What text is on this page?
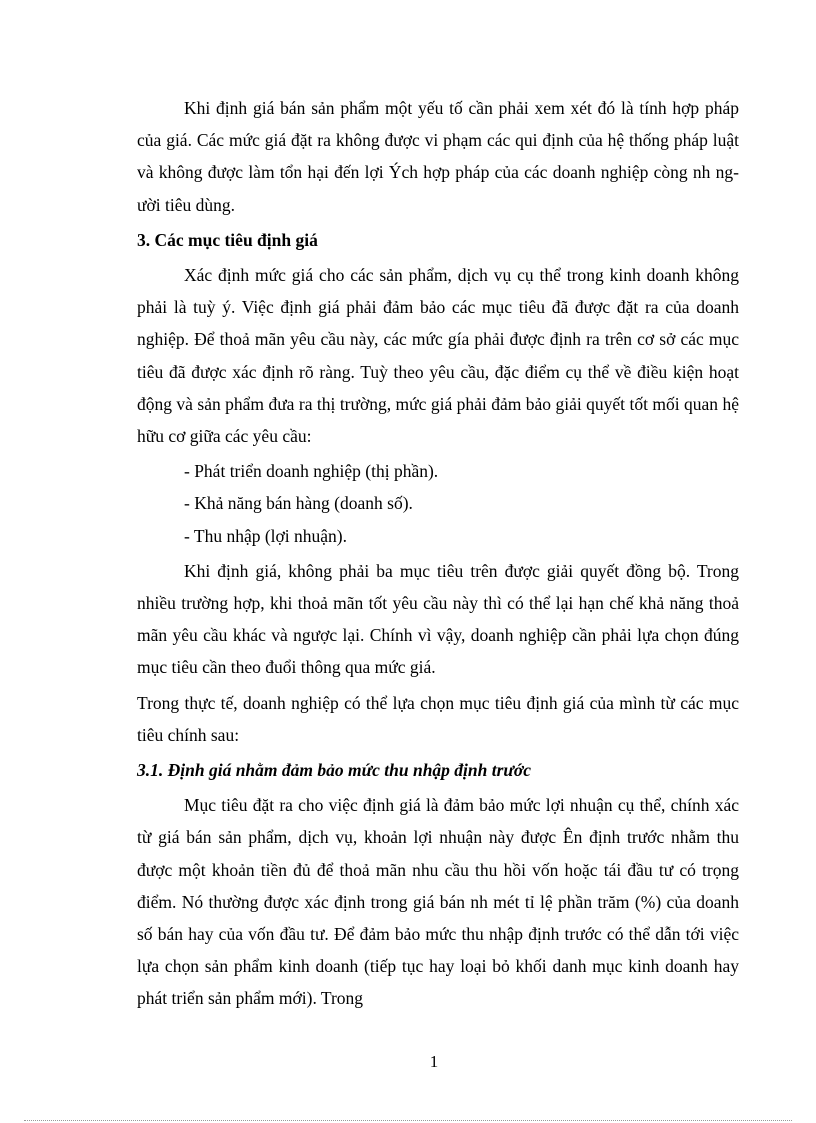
Khi định giá bán sản phẩm một yếu tố cần phải xem xét đó là tính hợp pháp của giá. Các mức giá đặt ra không được vi phạm các qui định của hệ thống pháp luật và không được làm tổn hại đến lợi Ých hợp pháp của các doanh nghiệp còng nh người tiêu dùng.

3. Các mục tiêu định giá

Xác định mức giá cho các sản phẩm, dịch vụ cụ thể trong kinh doanh không phải là tuỳ ý. Việc định giá phải đảm bảo các mục tiêu đã được đặt ra của doanh nghiệp. Để thoả mãn yêu cầu này, các mức gía phải được định ra trên cơ sở các mục tiêu đã được xác định rõ ràng. Tuỳ theo yêu cầu, đặc điểm cụ thể về điều kiện hoạt động và sản phẩm đưa ra thị trường, mức giá phải đảm bảo giải quyết tốt mối quan hệ hữu cơ giữa các yêu cầu:

- Phát triển doanh nghiệp (thị phần).
- Khả năng bán hàng (doanh số).
- Thu nhập (lợi nhuận).

Khi định giá, không phải ba mục tiêu trên được giải quyết đồng bộ. Trong nhiều trường hợp, khi thoả mãn tốt yêu cầu này thì có thể lại hạn chế khả năng thoả mãn yêu cầu khác và ngược lại. Chính vì vậy, doanh nghiệp cần phải lựa chọn đúng mục tiêu cần theo đuổi thông qua mức giá.

Trong thực tế, doanh nghiệp có thể lựa chọn mục tiêu định giá của mình từ các mục tiêu chính sau:

3.1. Định giá nhằm đảm bảo mức thu nhập định trước

Mục tiêu đặt ra cho việc định giá là đảm bảo mức lợi nhuận cụ thể, chính xác từ giá bán sản phẩm, dịch vụ, khoản lợi nhuận này được Ên định trước nhằm thu được một khoản tiền đủ để thoả mãn nhu cầu thu hồi vốn hoặc tái đầu tư có trọng điểm. Nó thường được xác định trong giá bán nh mét tỉ lệ phần trăm (%) của doanh số bán hay của vốn đầu tư. Để đảm bảo mức thu nhập định trước có thể dẫn tới việc lựa chọn sản phẩm kinh doanh (tiếp tục hay loại bỏ khối danh mục kinh doanh hay phát triển sản phẩm mới). Trong

1
